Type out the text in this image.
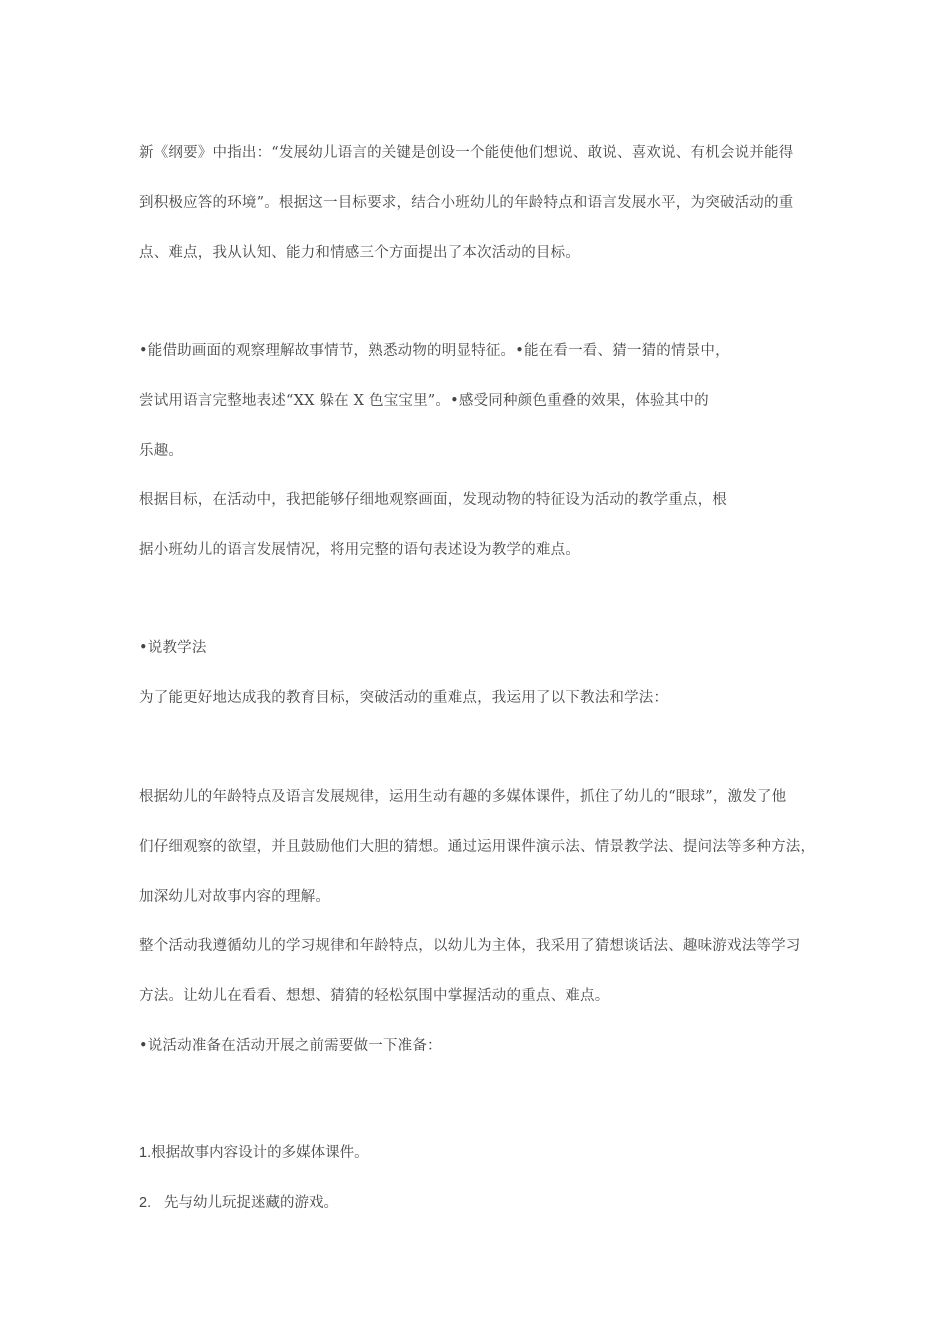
新《纲要》中指出：“发展幼儿语言的关键是创设一个能使他们想说、敢说、喜欢说、有机会说并能得
到积极应答的环境”。根据这一目标要求，结合小班幼儿的年龄特点和语言发展水平，为突破活动的重
点、难点，我从认知、能力和情感三个方面提出了本次活动的目标。
•能借助画面的观察理解故事情节，熟悉动物的明显特征。•能在看一看、猜一猜的情景中，
尝试用语言完整地表述“XX 躲在 X 色宝宝里”。•感受同种颜色重叠的效果，体验其中的
乐趣。
根据目标，在活动中，我把能够仔细地观察画面，发现动物的特征设为活动的教学重点，根
据小班幼儿的语言发展情况，将用完整的语句表述设为教学的难点。
•说教学法
为了能更好地达成我的教育目标，突破活动的重难点，我运用了以下教法和学法：
根据幼儿的年龄特点及语言发展规律，运用生动有趣的多媒体课件，抓住了幼儿的“眼球”，激发了他
们仔细观察的欲望，并且鼓励他们大胆的猜想。通过运用课件演示法、情景教学法、提问法等多种方法，
加深幼儿对故事内容的理解。
整个活动我遵循幼儿的学习规律和年龄特点，以幼儿为主体，我采用了猜想谈话法、趣味游戏法等学习
方法。让幼儿在看看、想想、猜猜的轻松氛围中掌握活动的重点、难点。
•说活动准备在活动开展之前需要做一下准备：
1.根据故事内容设计的多媒体课件。
2. 先与幼儿玩捉迷藏的游戏。
